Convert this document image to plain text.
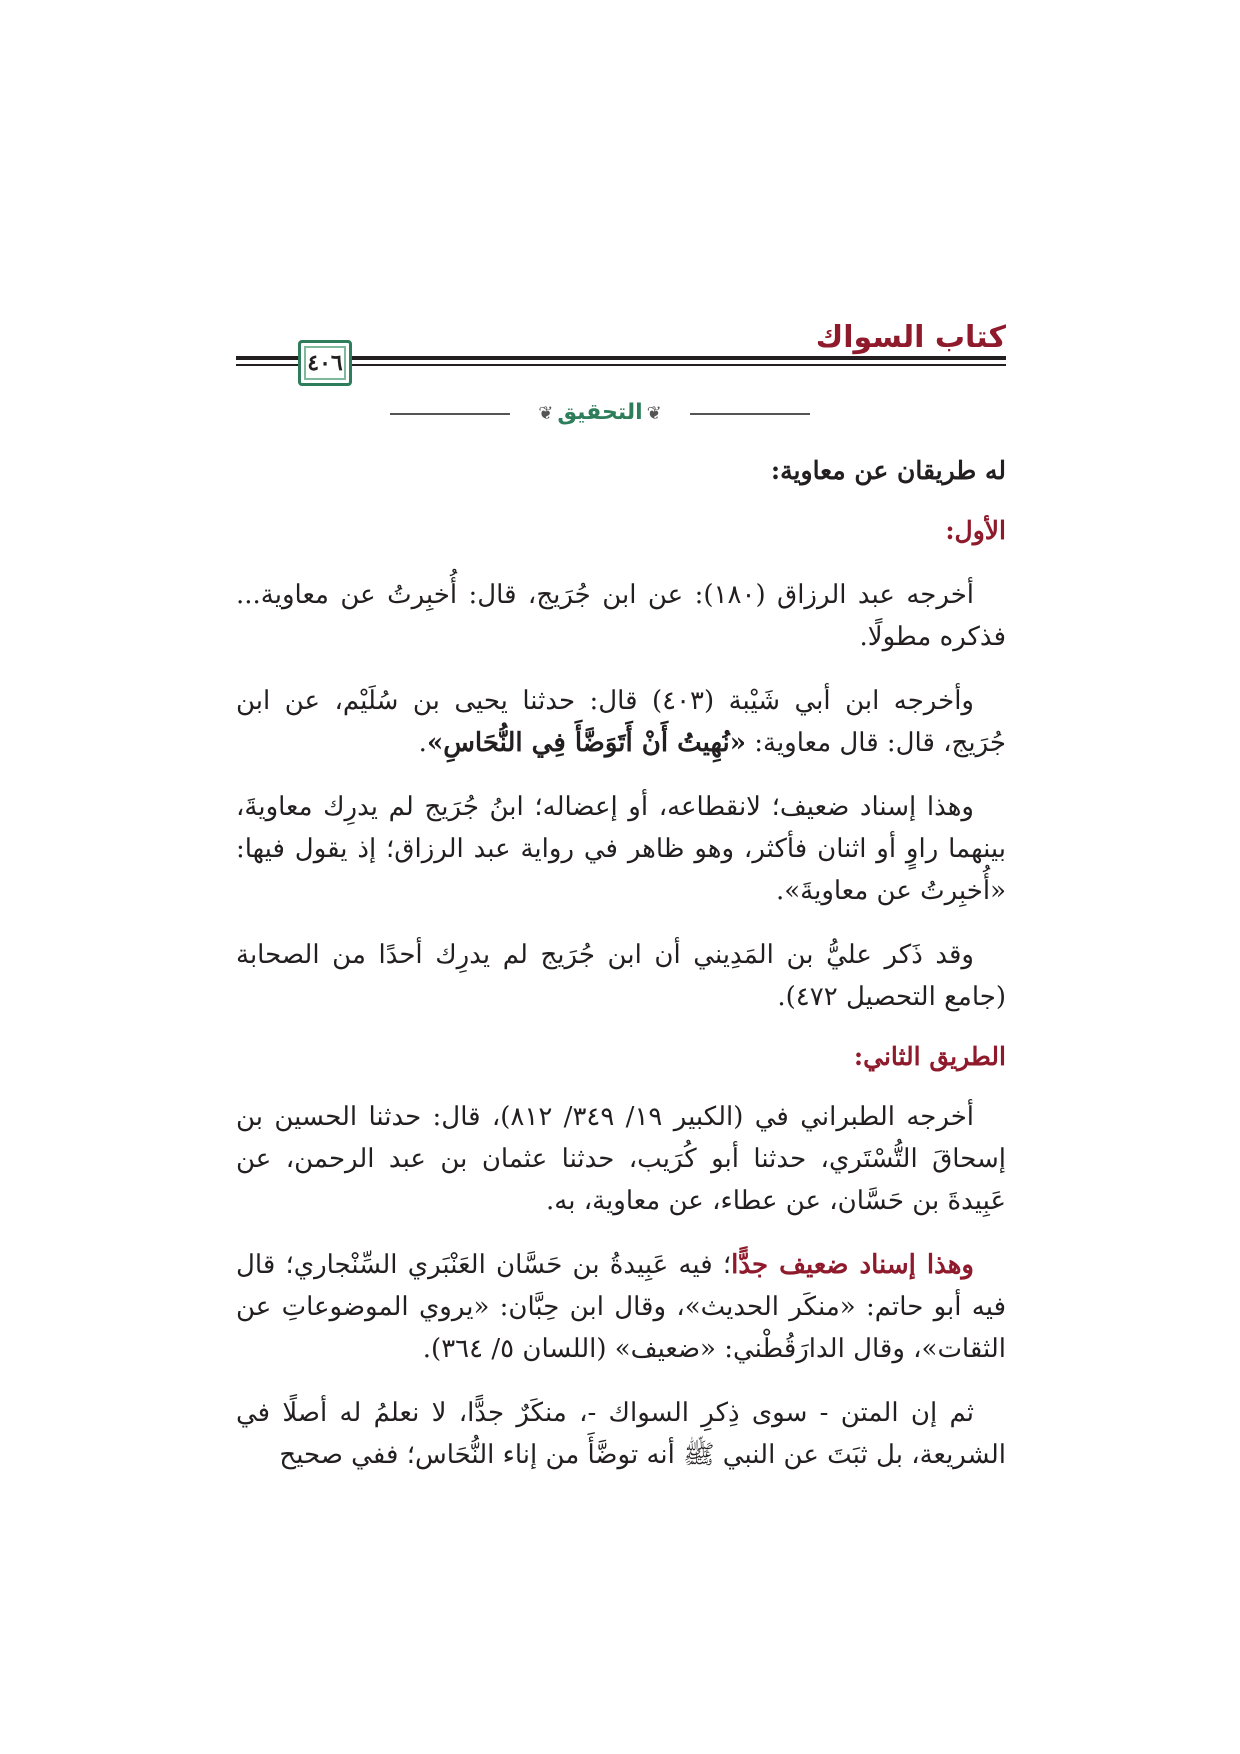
كتاب السواك
٤٠٦
❦التحقيق❦

له طريقان عن معاوية:

الأول:

أخرجه عبد الرزاق (١٨٠): عن ابن جُرَيج، قال: أُخبِرتُ عن معاوية... فذكره مطولًا.

وأخرجه ابن أبي شَيْبة (٤٠٣) قال: حدثنا يحيى بن سُلَيْم، عن ابن جُرَيج، قال: قال معاوية: «نُهِيتُ أَنْ أَتَوَضَّأَ فِي النُّحَاسِ».

وهذا إسناد ضعيف؛ لانقطاعه، أو إعضاله؛ ابنُ جُرَيج لم يدرِك معاويةَ، بينهما راوٍ أو اثنان فأكثر، وهو ظاهر في رواية عبد الرزاق؛ إذ يقول فيها: «أُخبِرتُ عن معاويةَ».

وقد ذَكر عليُّ بن المَدِيني أن ابن جُرَيج لم يدرِك أحدًا من الصحابة (جامع التحصيل ٤٧٢).

الطريق الثاني:

أخرجه الطبراني في (الكبير ١٩/ ٣٤٩/ ٨١٢)، قال: حدثنا الحسين بن إسحاقَ التُّسْتَري، حدثنا أبو كُرَيب، حدثنا عثمان بن عبد الرحمن، عن عَبِيدةَ بن حَسَّان، عن عطاء، عن معاوية، به.

وهذا إسناد ضعيف جدًّا؛ فيه عَبِيدةُ بن حَسَّان العَنْبَري السِّنْجاري؛ قال فيه أبو حاتم: «منكَر الحديث»، وقال ابن حِبَّان: «يروي الموضوعاتِ عن الثقات»، وقال الدارَقُطْني: «ضعيف» (اللسان ٥/ ٣٦٤).

ثم إن المتن - سوى ذِكرِ السواك -، منكَرٌ جدًّا، لا نعلمُ له أصلًا في الشريعة، بل ثبَتَ عن النبي ﷺ أنه توضَّأَ من إناء النُّحَاس؛ ففي صحيح
